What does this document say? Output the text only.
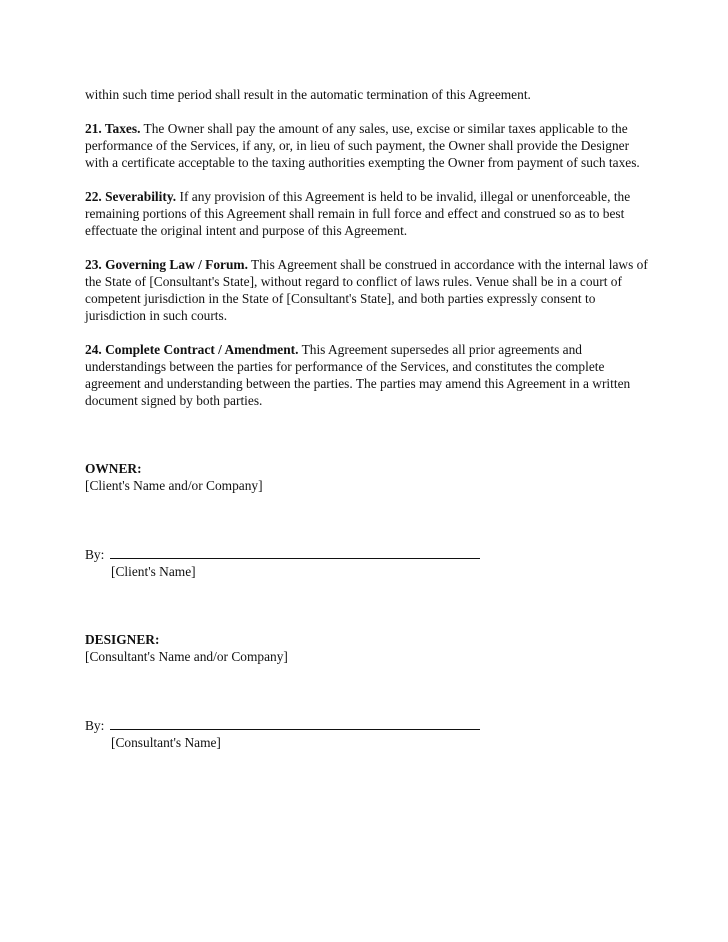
within such time period shall result in the automatic termination of this Agreement.

21. Taxes. The Owner shall pay the amount of any sales, use, excise or similar taxes applicable to the performance of the Services, if any, or, in lieu of such payment, the Owner shall provide the Designer with a certificate acceptable to the taxing authorities exempting the Owner from payment of such taxes.

22. Severability. If any provision of this Agreement is held to be invalid, illegal or unenforceable, the remaining portions of this Agreement shall remain in full force and effect and construed so as to best effectuate the original intent and purpose of this Agreement.

23. Governing Law / Forum. This Agreement shall be construed in accordance with the internal laws of the State of [Consultant's State], without regard to conflict of laws rules. Venue shall be in a court of competent jurisdiction in the State of [Consultant's State], and both parties expressly consent to jurisdiction in such courts.

24. Complete Contract / Amendment. This Agreement supersedes all prior agreements and understandings between the parties for performance of the Services, and constitutes the complete agreement and understanding between the parties. The parties may amend this Agreement in a written document signed by both parties.

OWNER:

[Client's Name and/or Company]

By:

[Client's Name]

DESIGNER:

[Consultant's Name and/or Company]

By:

[Consultant's Name]
